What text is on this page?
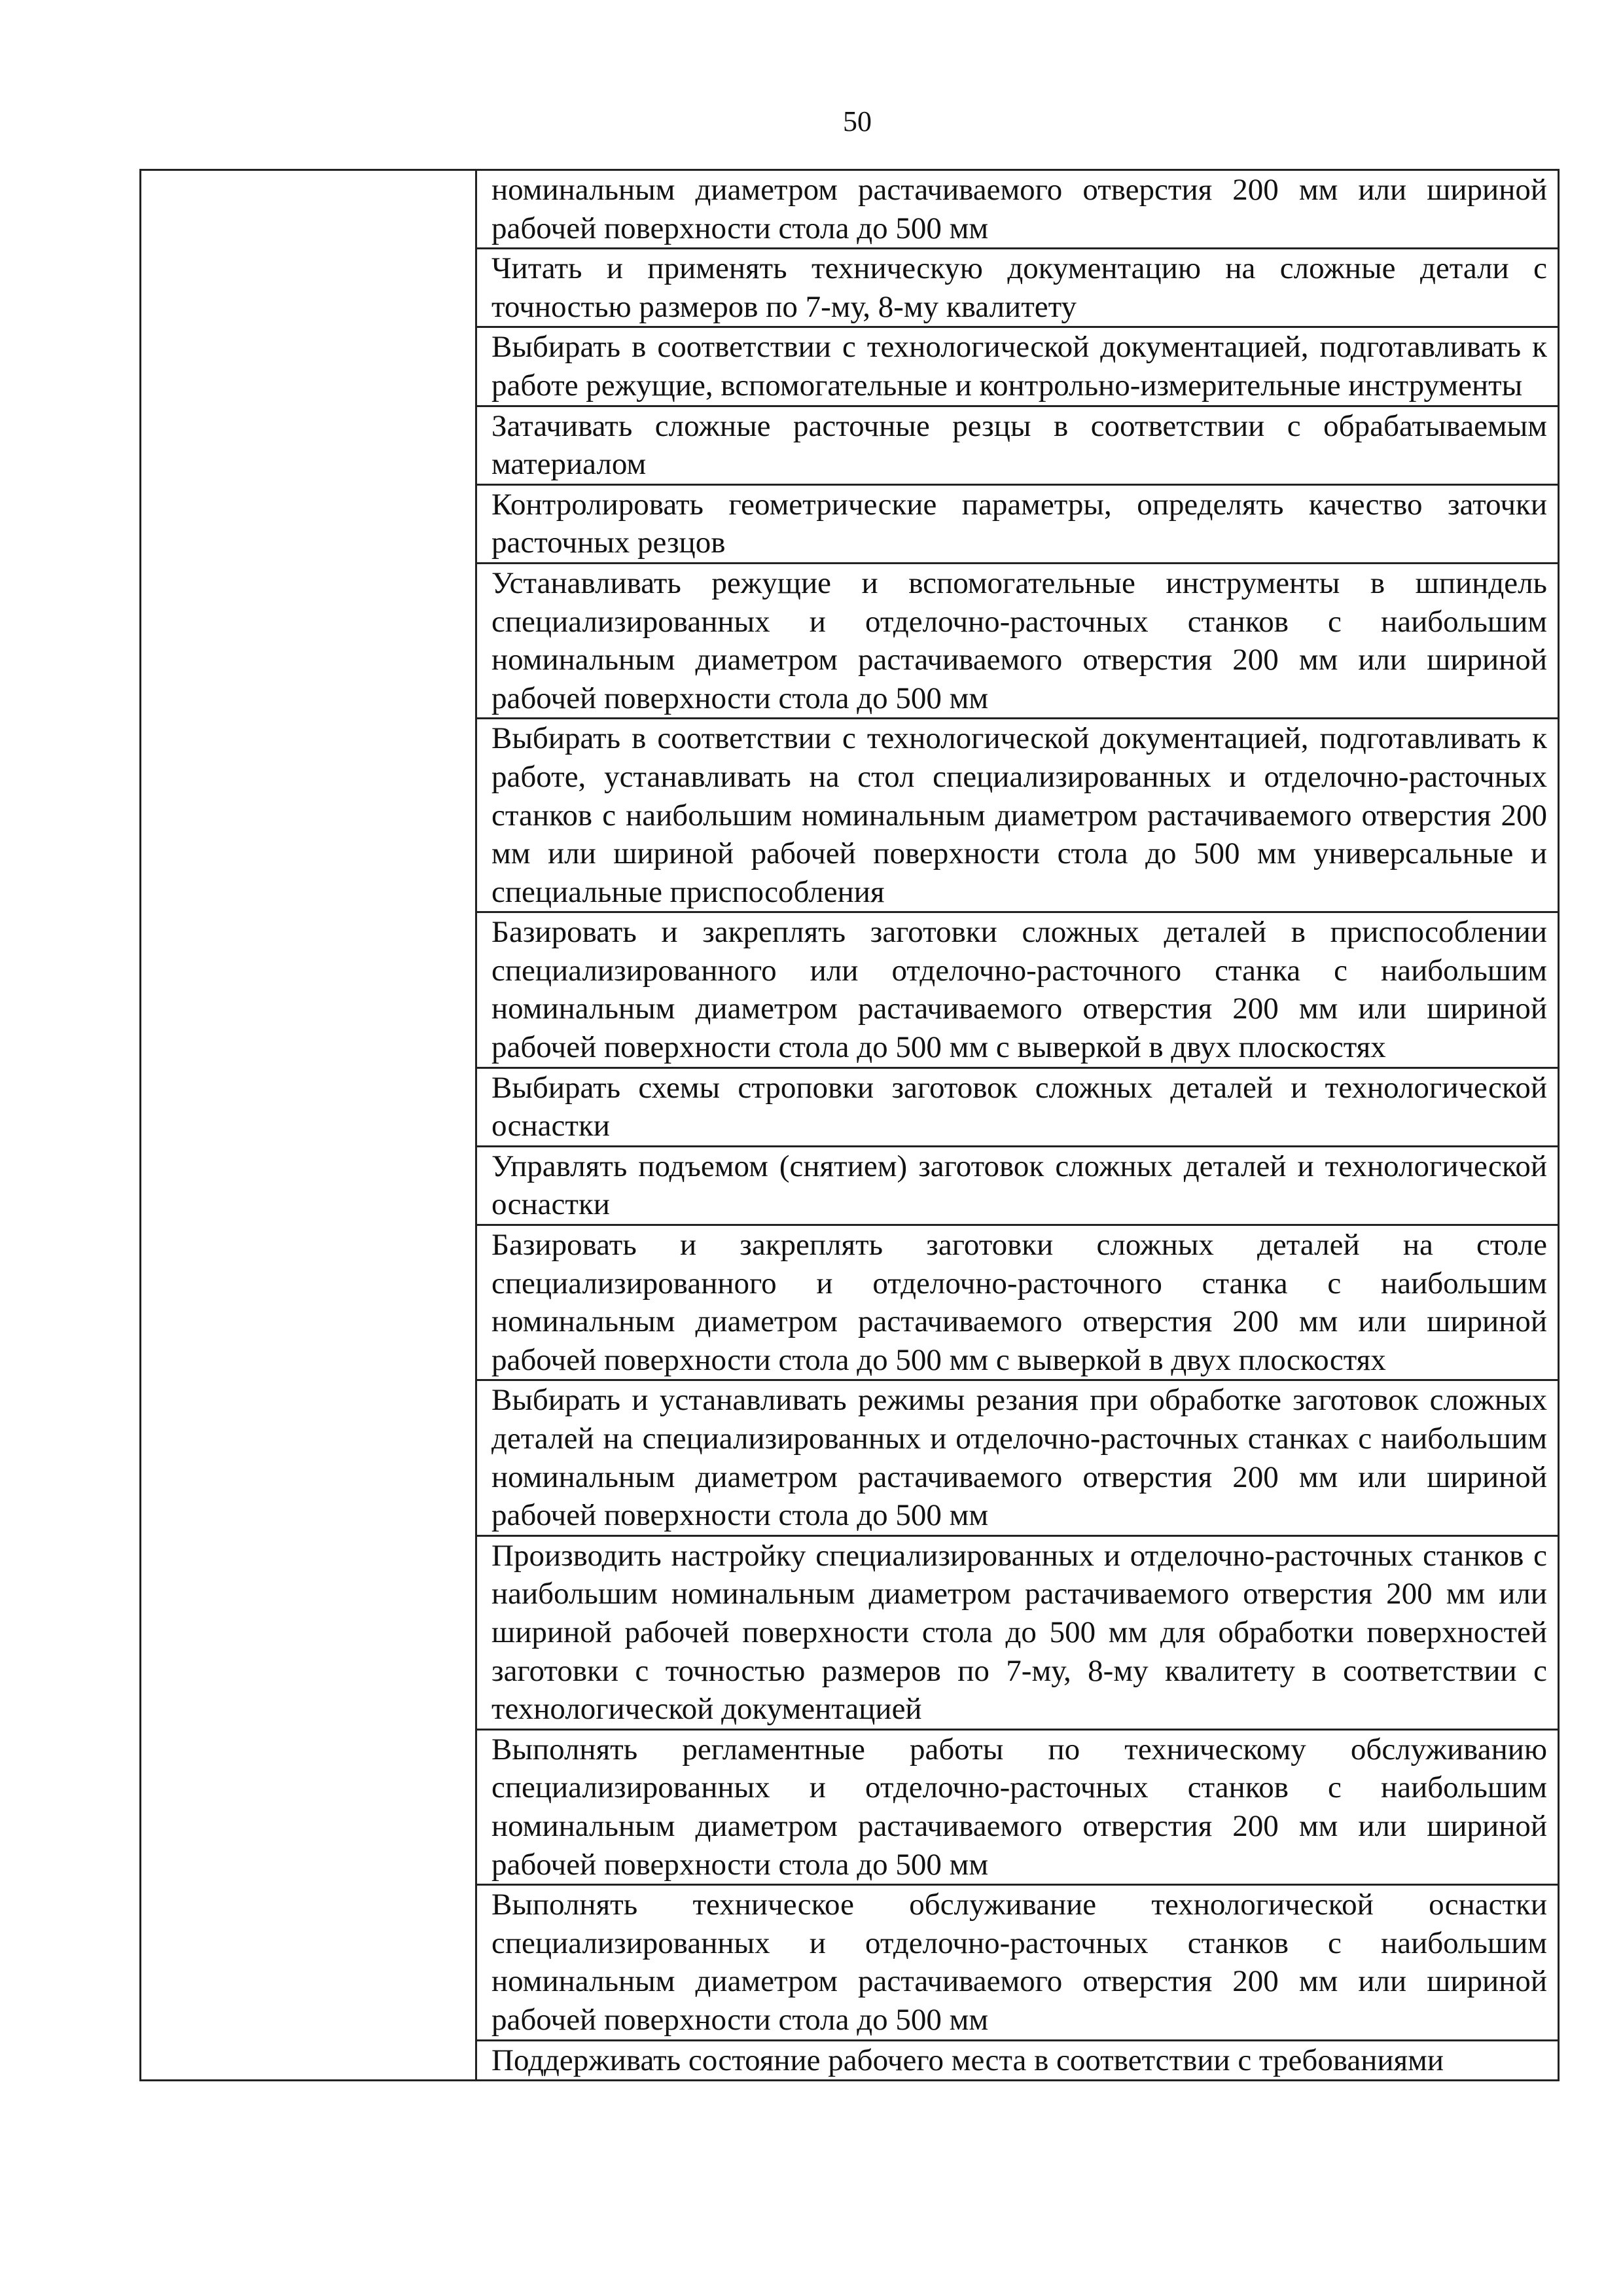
50

номинальным диаметром растачиваемого отверстия 200 мм или шириной рабочей поверхности стола до 500 мм

Читать и применять техническую документацию на сложные детали с точностью размеров по 7-му, 8-му квалитету

Выбирать в соответствии с технологической документацией, подготавливать к работе режущие, вспомогательные и контрольно-измерительные инструменты

Затачивать сложные расточные резцы в соответствии с обрабатываемым материалом

Контролировать геометрические параметры, определять качество заточки расточных резцов

Устанавливать режущие и вспомогательные инструменты в шпиндель специализированных и отделочно-расточных станков с наибольшим номинальным диаметром растачиваемого отверстия 200 мм или шириной рабочей поверхности стола до 500 мм

Выбирать в соответствии с технологической документацией, подготавливать к работе, устанавливать на стол специализированных и отделочно-расточных станков с наибольшим номинальным диаметром растачиваемого отверстия 200 мм или шириной рабочей поверхности стола до 500 мм универсальные и специальные приспособления

Базировать и закреплять заготовки сложных деталей в приспособлении специализированного или отделочно-расточного станка с наибольшим номинальным диаметром растачиваемого отверстия 200 мм или шириной рабочей поверхности стола до 500 мм с выверкой в двух плоскостях

Выбирать схемы строповки заготовок сложных деталей и технологической оснастки

Управлять подъемом (снятием) заготовок сложных деталей и технологической оснастки

Базировать и закреплять заготовки сложных деталей на столе специализированного и отделочно-расточного станка с наибольшим номинальным диаметром растачиваемого отверстия 200 мм или шириной рабочей поверхности стола до 500 мм с выверкой в двух плоскостях

Выбирать и устанавливать режимы резания при обработке заготовок сложных деталей на специализированных и отделочно-расточных станках с наибольшим номинальным диаметром растачиваемого отверстия 200 мм или шириной рабочей поверхности стола до 500 мм

Производить настройку специализированных и отделочно-расточных станков с наибольшим номинальным диаметром растачиваемого отверстия 200 мм или шириной рабочей поверхности стола до 500 мм для обработки поверхностей заготовки с точностью размеров по 7-му, 8-му квалитету в соответствии с технологической документацией

Выполнять регламентные работы по техническому обслуживанию специализированных и отделочно-расточных станков с наибольшим номинальным диаметром растачиваемого отверстия 200 мм или шириной рабочей поверхности стола до 500 мм

Выполнять техническое обслуживание технологической оснастки специализированных и отделочно-расточных станков с наибольшим номинальным диаметром растачиваемого отверстия 200 мм или шириной рабочей поверхности стола до 500 мм

Поддерживать состояние рабочего места в соответствии с требованиями
